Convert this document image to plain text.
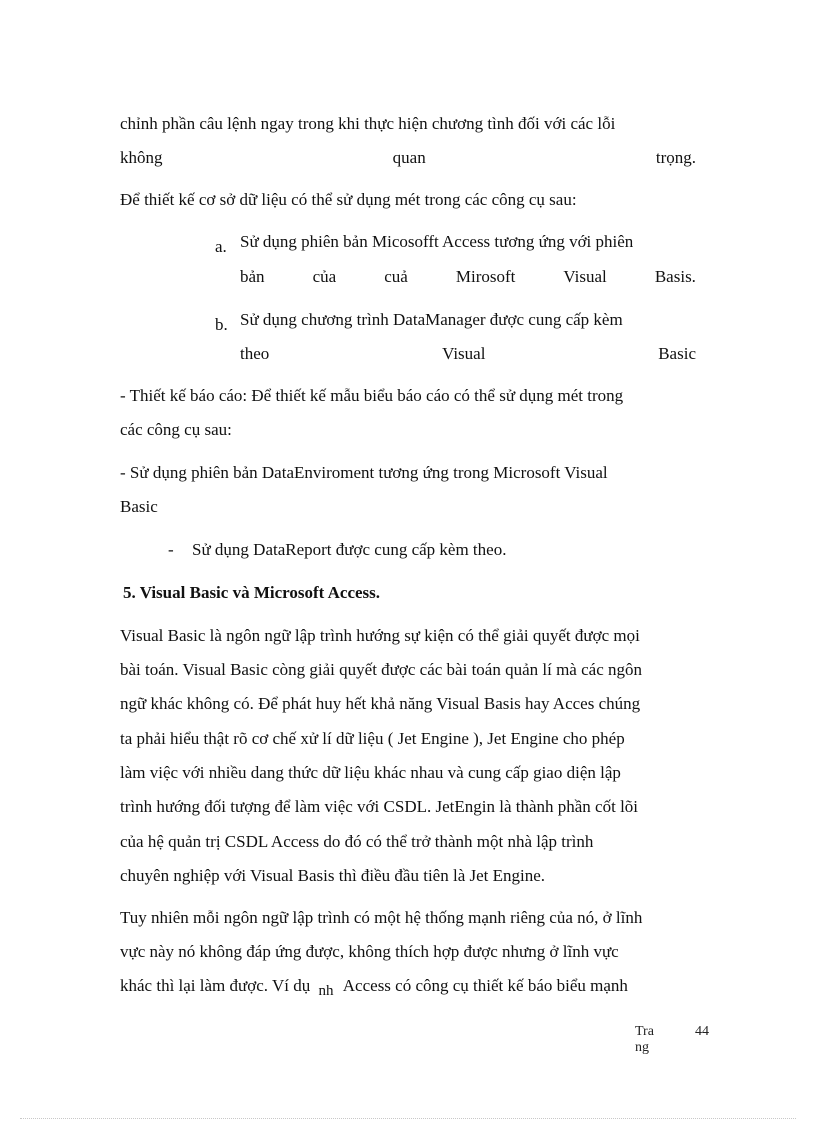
chỉnh phần câu lệnh ngay trong khi thực hiện chương tình đối với các lỗi
không	quan	trọng.
Để thiết kế cơ sở dữ liệu có thể sử dụng mét trong các công cụ sau:
a. Sử dụng phiên bản Micosofft Access tương ứng với phiên
bản	của	cuả	Mirosoft	Visual	Basis.
b. Sử dụng chương trình DataManager được cung cấp kèm
theo	Visual	Basic
- Thiết kế báo cáo: Để thiết kế mẫu biểu báo cáo có thể sử dụng mét trong
các công cụ sau:
- Sử dụng phiên bản DataEnviroment tương ứng trong Microsoft Visual
Basic
- Sử dụng DataReport được cung cấp kèm theo.
5. Visual Basic và Microsoft Access.
Visual Basic là ngôn ngữ lập trình hướng sự kiện có thể giải quyết được mọi
bài toán. Visual Basic còng giải quyết được các bài toán quản lí mà các ngôn
ngữ khác không có. Để phát huy hết khả năng Visual Basis hay Acces chúng
ta phải hiểu thật rõ cơ chế xử lí dữ liệu ( Jet Engine ), Jet Engine cho phép
làm việc với nhiều dang thức dữ liệu khác nhau và cung cấp giao diện lập
trình hướng đối tượng để làm việc với CSDL. JetEngin là thành phần cốt lõi
của hệ quản trị CSDL Access do đó có thể trở thành một nhà lập trình
chuyên nghiệp với Visual Basis thì điều đầu tiên là Jet Engine.
Tuy nhiên mỗi ngôn ngữ lập trình có một hệ thống mạnh riêng của nó, ở lĩnh
vực này nó không đáp ứng được, không thích hợp được nhưng ở lĩnh vực
khác thì lại làm được. Ví dụ nh Access có công cụ thiết kế báo biểu mạnh
Tra
ng
44
